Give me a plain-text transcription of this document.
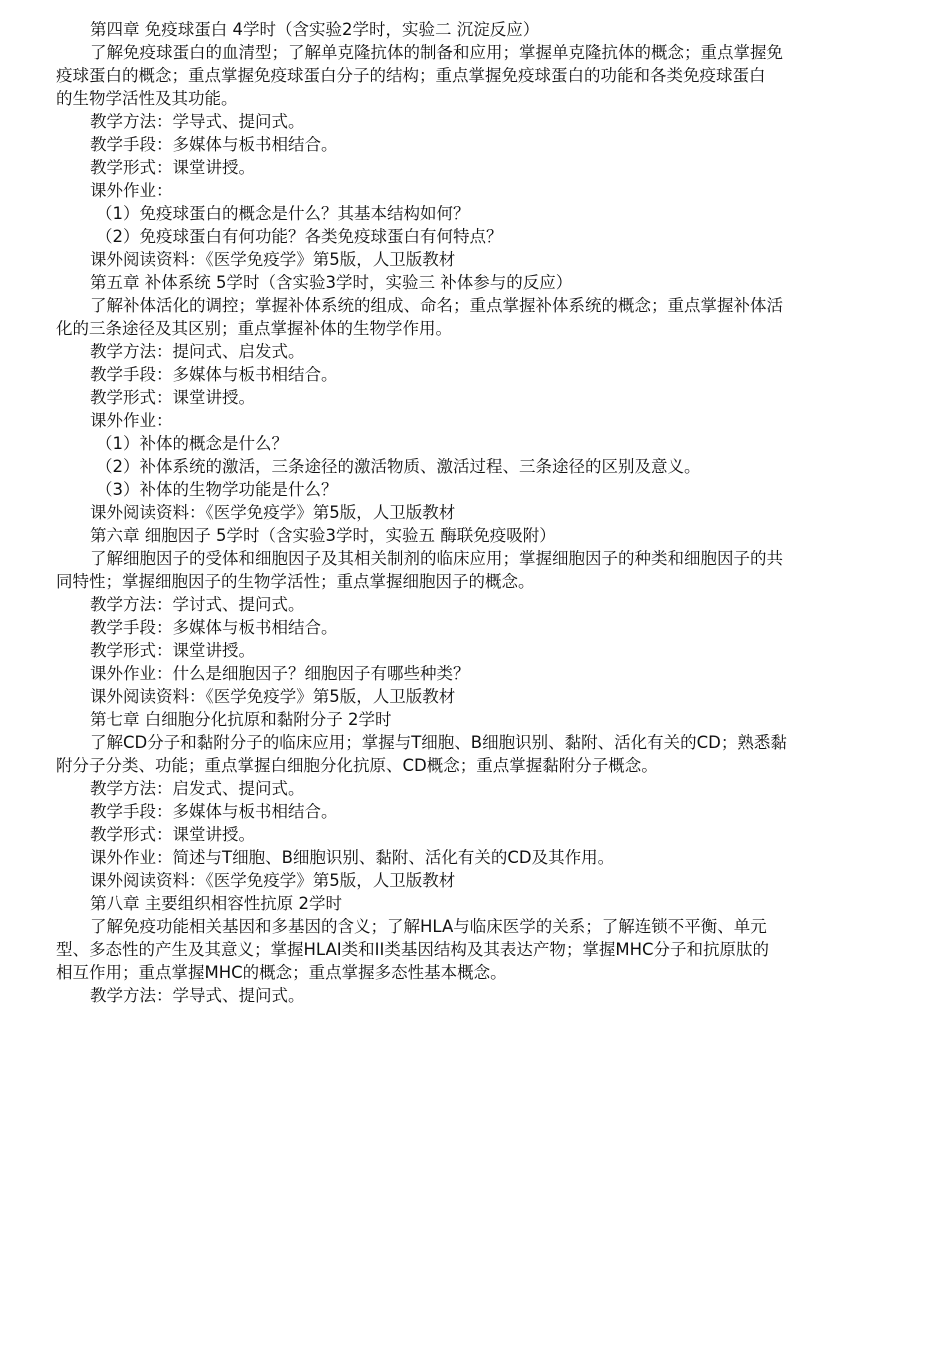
第四章 免疫球蛋白 4学时（含实验2学时，实验二 沉淀反应）
了解免疫球蛋白的血清型；了解单克隆抗体的制备和应用；掌握单克隆抗体的概念；重点掌握免
疫球蛋白的概念；重点掌握免疫球蛋白分子的结构；重点掌握免疫球蛋白的功能和各类免疫球蛋白
的生物学活性及其功能。
教学方法：学导式、提问式。
教学手段：多媒体与板书相结合。
教学形式：课堂讲授。
课外作业：
（1）免疫球蛋白的概念是什么？其基本结构如何？
（2）免疫球蛋白有何功能？各类免疫球蛋白有何特点？
课外阅读资料：《医学免疫学》第5版，人卫版教材
第五章 补体系统 5学时（含实验3学时，实验三 补体参与的反应）
了解补体活化的调控；掌握补体系统的组成、命名；重点掌握补体系统的概念；重点掌握补体活
化的三条途径及其区别；重点掌握补体的生物学作用。
教学方法：提问式、启发式。
教学手段：多媒体与板书相结合。
教学形式：课堂讲授。
课外作业：
（1）补体的概念是什么？
（2）补体系统的激活，三条途径的激活物质、激活过程、三条途径的区别及意义。
（3）补体的生物学功能是什么？
课外阅读资料：《医学免疫学》第5版，人卫版教材
第六章 细胞因子 5学时（含实验3学时，实验五 酶联免疫吸附）
了解细胞因子的受体和细胞因子及其相关制剂的临床应用；掌握细胞因子的种类和细胞因子的共
同特性；掌握细胞因子的生物学活性；重点掌握细胞因子的概念。
教学方法：学讨式、提问式。
教学手段：多媒体与板书相结合。
教学形式：课堂讲授。
课外作业：什么是细胞因子？细胞因子有哪些种类？
课外阅读资料：《医学免疫学》第5版，人卫版教材
第七章 白细胞分化抗原和黏附分子 2学时
了解CD分子和黏附分子的临床应用；掌握与T细胞、B细胞识别、黏附、活化有关的CD；熟悉黏
附分子分类、功能；重点掌握白细胞分化抗原、CD概念；重点掌握黏附分子概念。
教学方法：启发式、提问式。
教学手段：多媒体与板书相结合。
教学形式：课堂讲授。
课外作业：简述与T细胞、B细胞识别、黏附、活化有关的CD及其作用。
课外阅读资料：《医学免疫学》第5版，人卫版教材
第八章 主要组织相容性抗原 2学时
了解免疫功能相关基因和多基因的含义；了解HLA与临床医学的关系；了解连锁不平衡、单元
型、多态性的产生及其意义；掌握HLAI类和II类基因结构及其表达产物；掌握MHC分子和抗原肽的
相互作用；重点掌握MHC的概念；重点掌握多态性基本概念。
教学方法：学导式、提问式。
